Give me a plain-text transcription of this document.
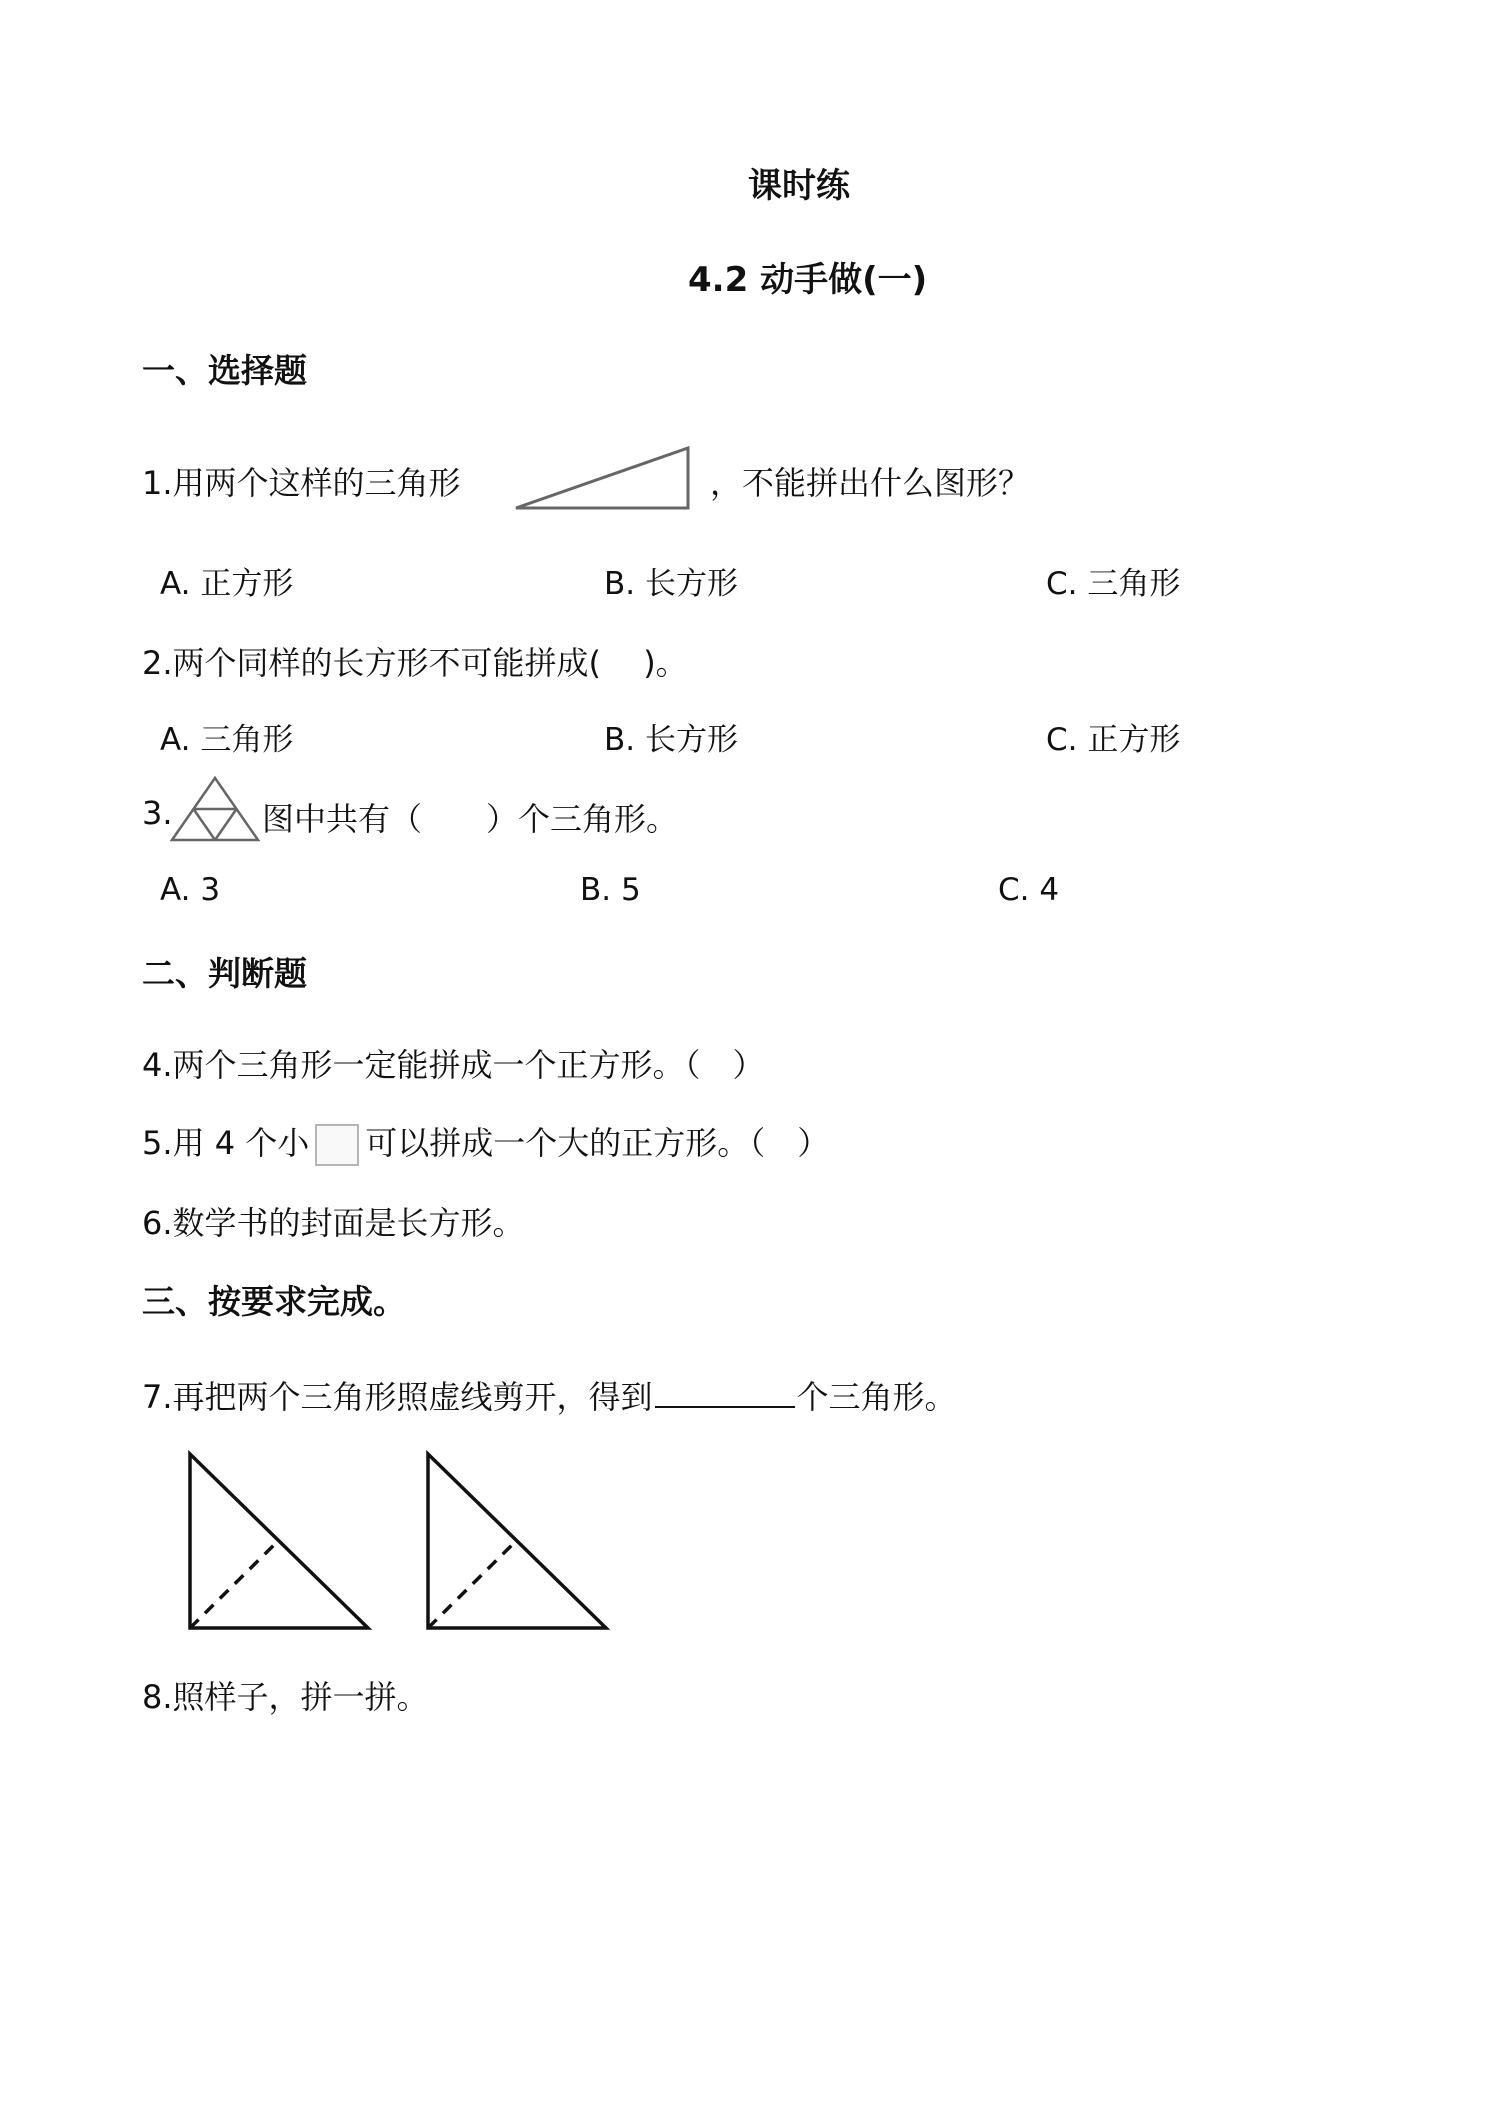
课时练
4.2 动手做(一)
一、选择题
1.用两个这样的三角形	，不能拼出什么图形？
A. 正方形	B. 长方形	C. 三角形
2.两个同样的长方形不可能拼成(　 )。
A. 三角形	B. 长方形	C. 正方形
3.	图中共有（　　）个三角形。
A. 3	B. 5	C. 4
二、判断题
4.两个三角形一定能拼成一个正方形。（　）
5.用 4 个小 可以拼成一个大的正方形。（　）
6.数学书的封面是长方形。
三、按要求完成。
7.再把两个三角形照虚线剪开，得到	个三角形。
8.照样子，拼一拼。
